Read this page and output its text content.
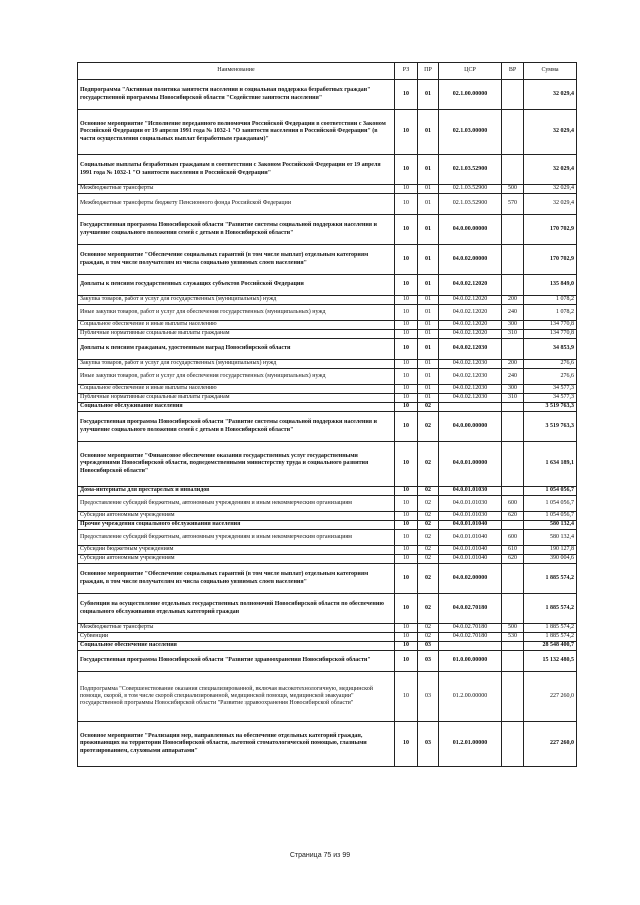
Наименование	РЗ	ПР	ЦСР	ВР	Сумма
Подпрограмма "Активная политика занятости населения и социальная поддержка безработных граждан" государственной программы Новосибирской области "Содействие занятости населения"	10	01	02.1.00.00000		32 029,4
Основное мероприятие "Исполнение переданного полномочия Российской Федерации в соответствии с Законом Российской Федерации от 19 апреля 1991 года № 1032-1 "О занятости населения в Российской Федерации" (в части осуществления социальных выплат безработным гражданам)"	10	01	02.1.03.00000		32 029,4
Социальные выплаты безработным гражданам в соответствии с Законом Российской Федерации от 19 апреля 1991 года № 1032-1 "О занятости населения в Российской Федерации"	10	01	02.1.03.52900		32 029,4
Межбюджетные трансферты	10	01	02.1.03.52900	500	32 029,4
Межбюджетные трансферты бюджету Пенсионного фонда Российской Федерации	10	01	02.1.03.52900	570	32 029,4
Государственная программа Новосибирской области "Развитие системы социальной поддержки населения и улучшение социального положения семей с детьми в Новосибирской области"	10	01	04.0.00.00000		170 702,9
Основное мероприятие "Обеспечение социальных гарантий (в том числе выплат) отдельным категориям граждан, в том числе получателям из числа социально уязвимых слоев населения"	10	01	04.0.02.00000		170 702,9
Доплаты к пенсиям государственных служащих субъектов Российской Федерации	10	01	04.0.02.12020		135 849,0
Закупка товаров, работ и услуг для государственных (муниципальных) нужд	10	01	04.0.02.12020	200	1 078,2
Иные закупки товаров, работ и услуг для обеспечения государственных (муниципальных) нужд	10	01	04.0.02.12020	240	1 078,2
Социальное обеспечение и иные выплаты населению	10	01	04.0.02.12020	300	134 770,8
Публичные нормативные социальные выплаты гражданам	10	01	04.0.02.12020	310	134 770,8
Доплаты к пенсиям гражданам, удостоенным наград Новосибирской области	10	01	04.0.02.12030		34 853,9
Закупка товаров, работ и услуг для государственных (муниципальных) нужд	10	01	04.0.02.12030	200	276,6
Иные закупки товаров, работ и услуг для обеспечения государственных (муниципальных) нужд	10	01	04.0.02.12030	240	276,6
Социальное обеспечение и иные выплаты населению	10	01	04.0.02.12030	300	34 577,3
Публичные нормативные социальные выплаты гражданам	10	01	04.0.02.12030	310	34 577,3
Социальное обслуживание населения	10	02			3 519 763,3
Государственная программа Новосибирской области "Развитие системы социальной поддержки населения и улучшение социального положения семей с детьми в Новосибирской области"	10	02	04.0.00.00000		3 519 763,3
Основное мероприятие "Финансовое обеспечение оказания государственных услуг государственными учреждениями Новосибирской области, подведомственными министерству труда и социального развития Новосибирской области"	10	02	04.0.01.00000		1 634 189,1
Дома-интернаты для престарелых и инвалидов	10	02	04.0.01.01030		1 054 056,7
Предоставление субсидий бюджетным, автономным учреждениям и иным некоммерческим организациям	10	02	04.0.01.01030	600	1 054 056,7
Субсидии автономным учреждениям	10	02	04.0.01.01030	620	1 054 056,7
Прочие учреждения социального обслуживания населения	10	02	04.0.01.01040		580 132,4
Предоставление субсидий бюджетным, автономным учреждениям и иным некоммерческим организациям	10	02	04.0.01.01040	600	580 132,4
Субсидии бюджетным учреждениям	10	02	04.0.01.01040	610	190 127,8
Субсидии автономным учреждениям	10	02	04.0.01.01040	620	390 004,6
Основное мероприятие "Обеспечение социальных гарантий (в том числе выплат) отдельным категориям граждан, в том числе получателям из числа социально уязвимых слоев населения"	10	02	04.0.02.00000		1 885 574,2
Субвенции на осуществление отдельных государственных полномочий Новосибирской области по обеспечению социального обслуживания отдельных категорий граждан	10	02	04.0.02.70180		1 885 574,2
Межбюджетные трансферты	10	02	04.0.02.70180	500	1 885 574,2
Субвенции	10	02	04.0.02.70180	530	1 885 574,2
Социальное обеспечение населения	10	03			28 548 400,7
Государственная программа Новосибирской области "Развитие здравоохранения Новосибирской области"	10	03	01.0.00.00000		15 132 480,5
Подпрограмма "Совершенствование оказания специализированной, включая высокотехнологичную, медицинской помощи, скорой, в том числе скорой специализированной, медицинской помощи, медицинской эвакуации" государственной программы Новосибирской области "Развитие здравоохранения Новосибирской области"	10	03	01.2.00.00000		227 260,0
Основное мероприятие "Реализация мер, направленных на обеспечение отдельных категорий граждан, проживающих на территории Новосибирской области, льготной стоматологической помощью, глазными протезированием, слуховыми аппаратами"	10	03	01.2.01.00000		227 260,0
Страница 75 из 99
